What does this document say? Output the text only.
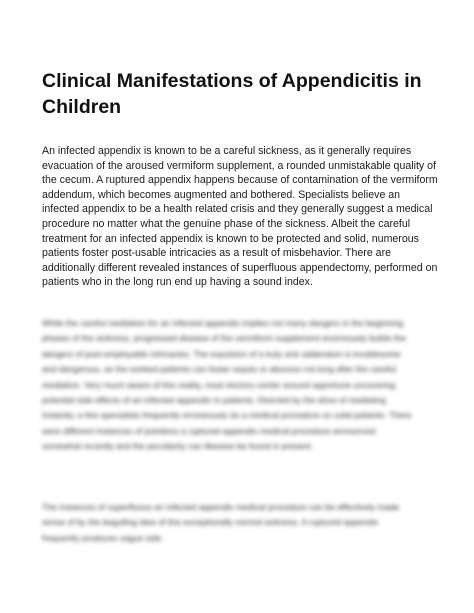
Clinical Manifestations of Appendicitis in Children

An infected appendix is known to be a careful sickness, as it generally requires evacuation of the aroused vermiform supplement, a rounded unmistakable quality of the cecum. A ruptured appendix happens because of contamination of the vermiform addendum, which becomes augmented and bothered. Specialists believe an infected appendix to be a health related crisis and they generally suggest a medical procedure no matter what the genuine phase of the sickness. Albeit the careful treatment for an infected appendix is known to be protected and solid, numerous patients foster post-usable intricacies as a result of misbehavior. There are additionally different revealed instances of superfluous appendectomy, performed on patients who in the long run end up having a sound index.

While the careful mediation for an infected appendix implies not many dangers in the beginning phases of the sickness, progressed disease of the vermiform supplement enormously builds the dangers of post-employable intricacies. The expulsion of a truly sick addendum is troublesome and dangerous, as the worked patients can foster sepsis or abscess not long after the careful mediation. Very much aware of this reality, most doctors center around opportune uncovering potential side effects of an infected appendix in patients. Directed by the drive of mediating instantly, a few specialists frequently erroneously do a medical procedure on solid patients. There were different instances of pointless a ruptured appendix medical procedure announced somewhat recently and the peculiarity can likewise be found in present.

The instances of superfluous an infected appendix medical procedure can be effectively made sense of by the beguiling idea of this exceptionally normal sickness. A ruptured appendix frequently produces vague side
